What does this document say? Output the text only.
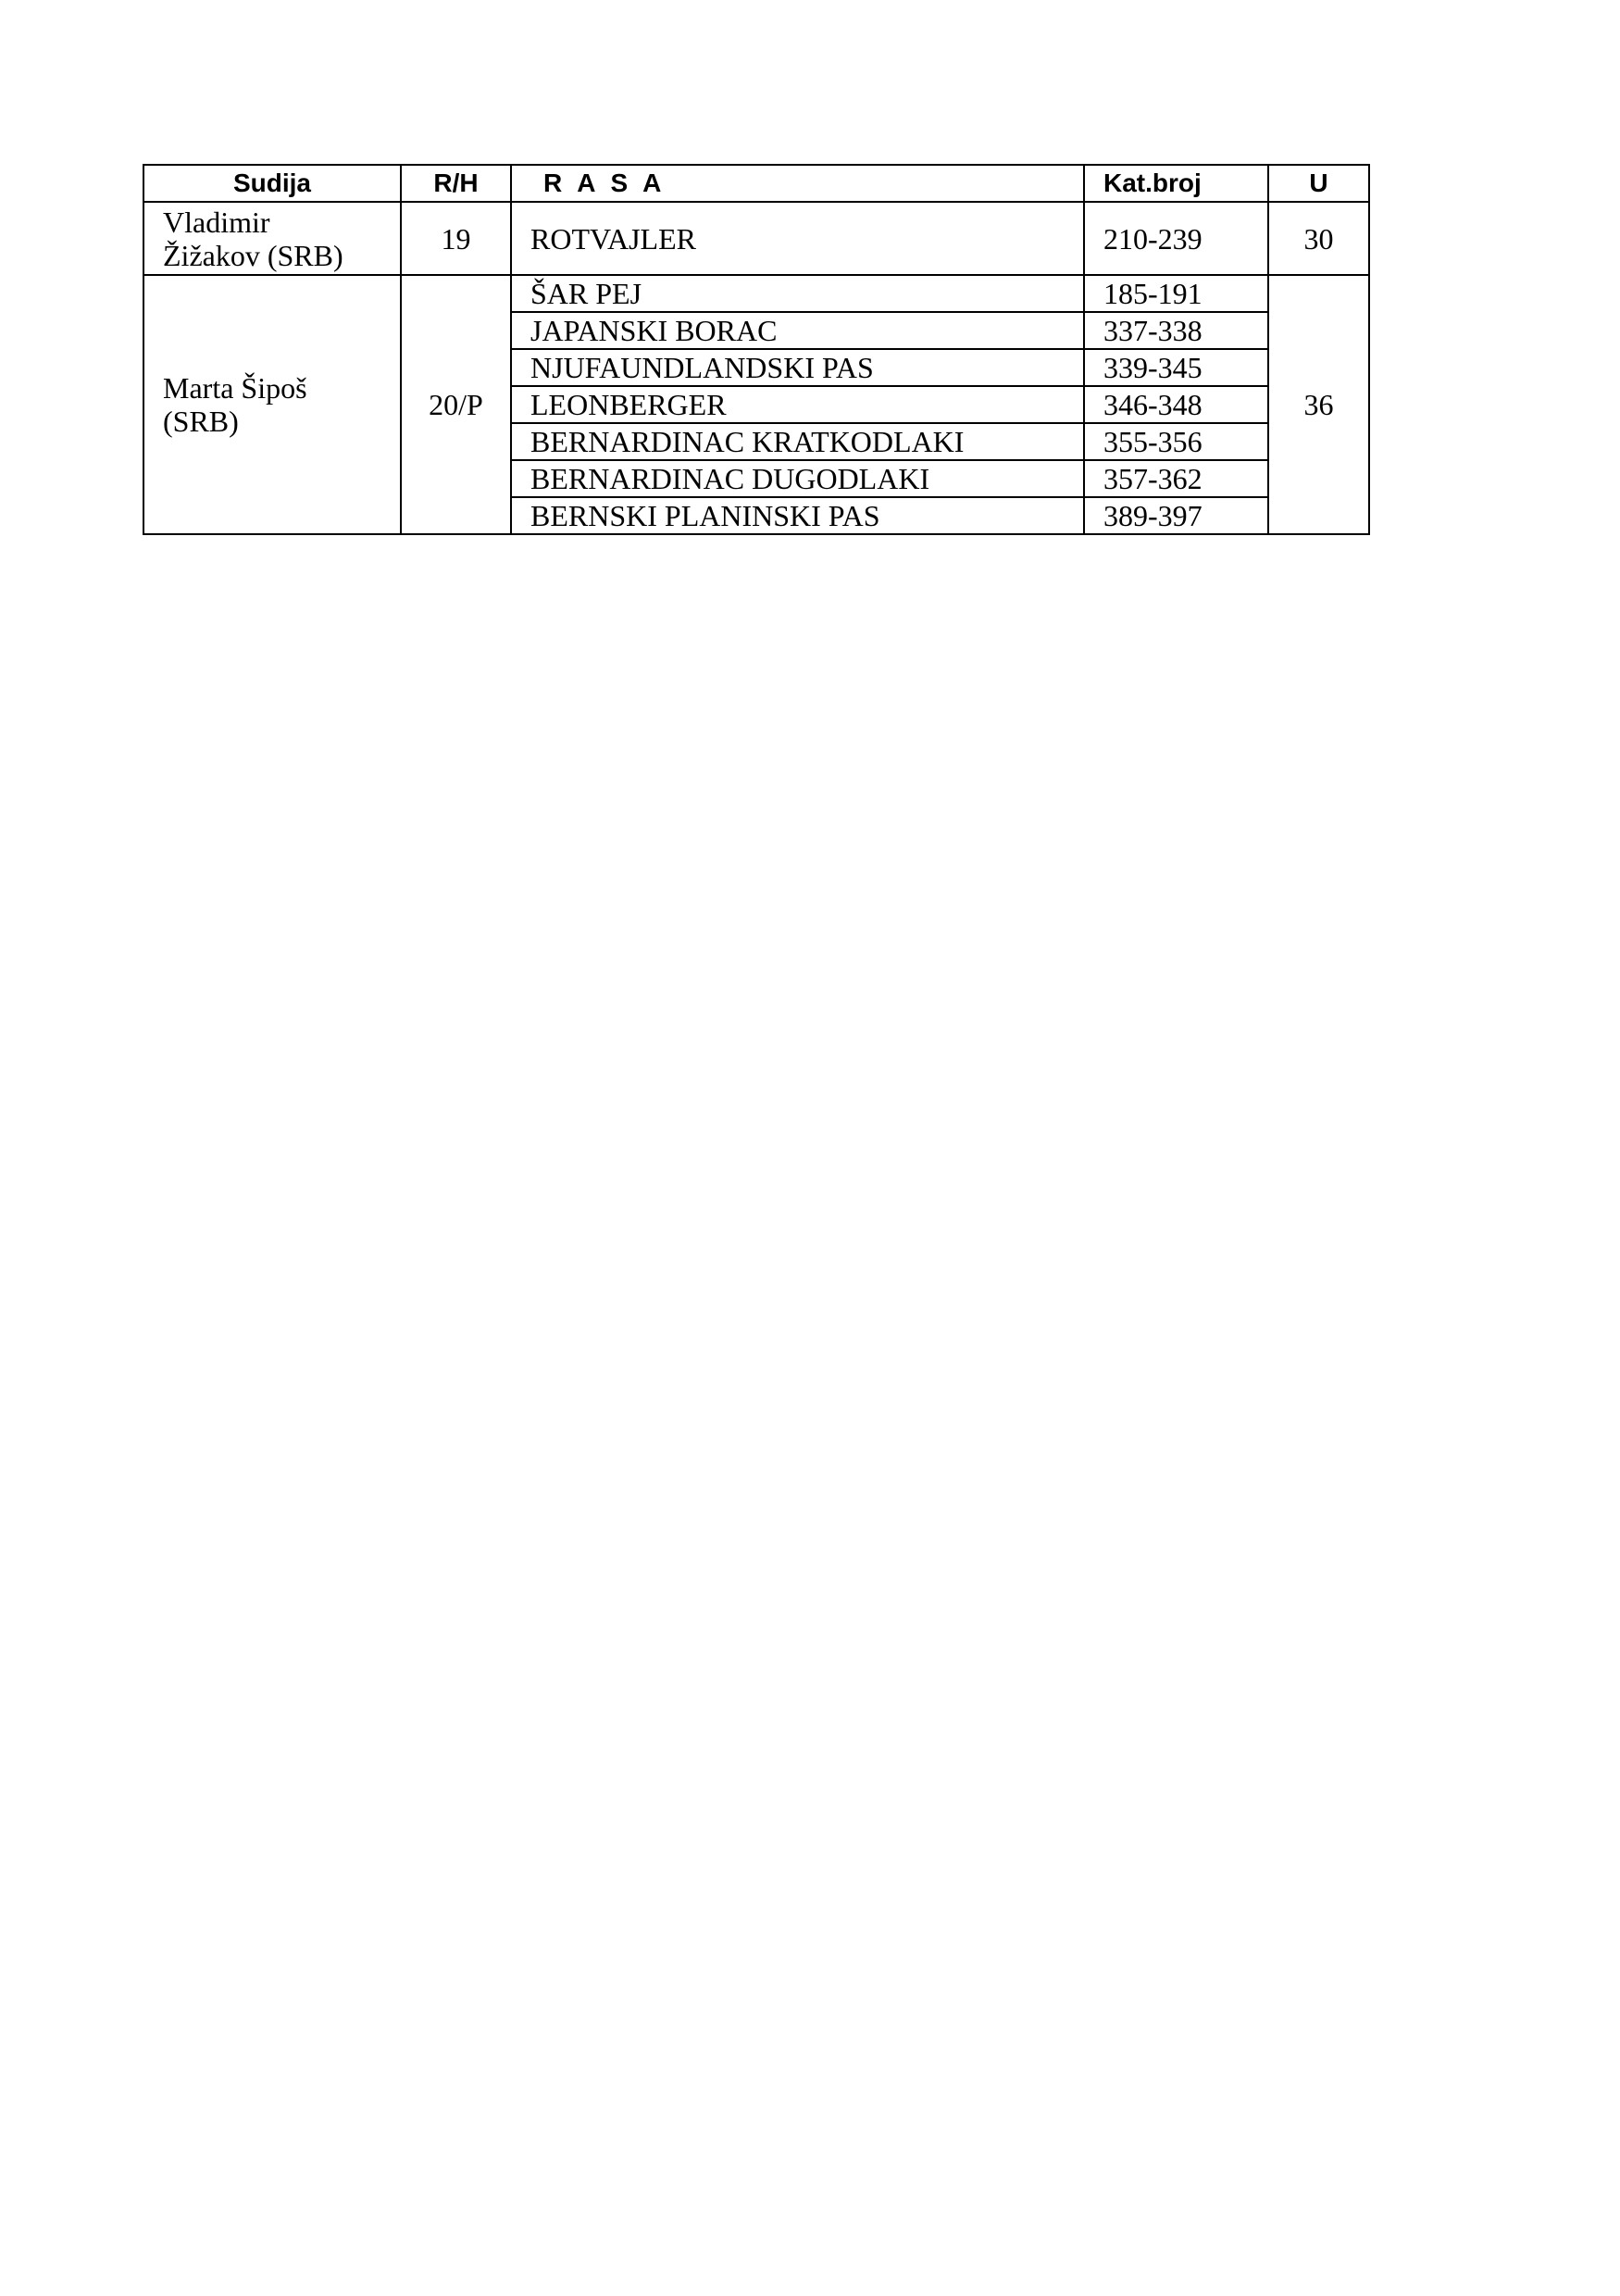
Sudija	R/H	RASA	Kat.broj	U

Vladimir
Žižakov (SRB)	19	ROTVAJLER	210-239	30

Marta Šipoš
(SRB)	20/P	ŠAR PEJ	185-191	36
		JAPANSKI BORAC	337-338	
		NJUFAUNDLANDSKI PAS	339-345	
		LEONBERGER	346-348	
		BERNARDINAC KRATKODLAKI	355-356	
		BERNARDINAC DUGODLAKI	357-362	
		BERNSKI PLANINSKI PAS	389-397	
